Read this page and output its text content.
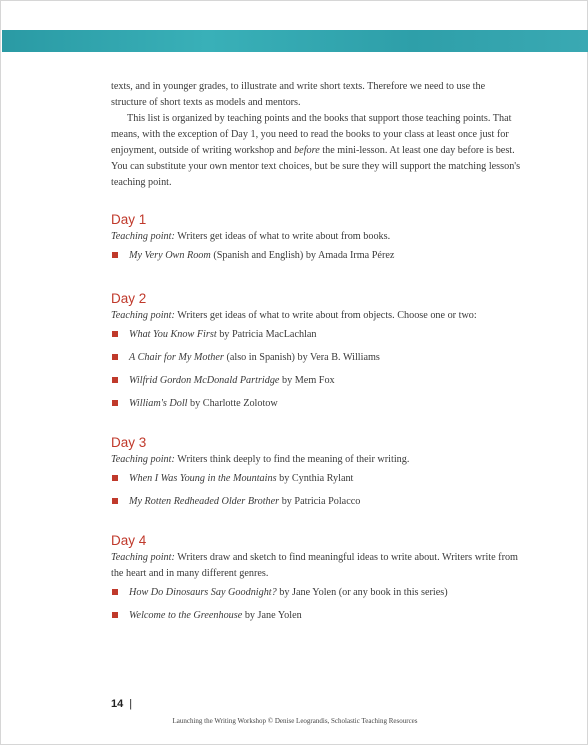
texts, and in younger grades, to illustrate and write short texts. Therefore we need to use the structure of short texts as models and mentors.

This list is organized by teaching points and the books that support those teaching points. That means, with the exception of Day 1, you need to read the books to your class at least once just for enjoyment, outside of writing workshop and before the mini-lesson. At least one day before is best. You can substitute your own mentor text choices, but be sure they will support the matching lesson's teaching point.

Day 1

Teaching point: Writers get ideas of what to write about from books.

My Very Own Room (Spanish and English) by Amada Irma Pérez
Day 2

Teaching point: Writers get ideas of what to write about from objects. Choose one or two:

What You Know First by Patricia MacLachlan
A Chair for My Mother (also in Spanish) by Vera B. Williams
Wilfrid Gordon McDonald Partridge by Mem Fox
William's Doll by Charlotte Zolotow
Day 3

Teaching point: Writers think deeply to find the meaning of their writing.

When I Was Young in the Mountains by Cynthia Rylant
My Rotten Redheaded Older Brother by Patricia Polacco
Day 4

Teaching point: Writers draw and sketch to find meaningful ideas to write about. Writers write from the heart and in many different genres.

How Do Dinosaurs Say Goodnight? by Jane Yolen (or any book in this series)
Welcome to the Greenhouse by Jane Yolen
14 |
Launching the Writing Workshop © Denise Leograndis, Scholastic Teaching Resources
